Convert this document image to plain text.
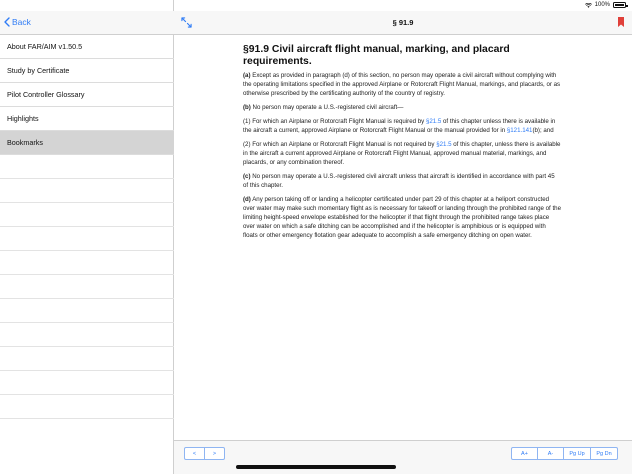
100%
Back
About FAR/AIM v1.50.5
Study by Certificate
Pilot Controller Glossary
Highlights
Bookmarks
§ 91.9
§91.9 Civil aircraft flight manual, marking, and placard requirements.

(a) Except as provided in paragraph (d) of this section, no person may operate a civil aircraft without complying with the operating limitations specified in the approved Airplane or Rotorcraft Flight Manual, markings, and placards, or as otherwise prescribed by the certificating authority of the country of registry.

(b) No person may operate a U.S.-registered civil aircraft—

(1) For which an Airplane or Rotorcraft Flight Manual is required by §21.5 of this chapter unless there is available in the aircraft a current, approved Airplane or Rotorcraft Flight Manual or the manual provided for in §121.141(b); and

(2) For which an Airplane or Rotorcraft Flight Manual is not required by §21.5 of this chapter, unless there is available in the aircraft a current approved Airplane or Rotorcraft Flight Manual, approved manual material, markings, and placards, or any combination thereof.

(c) No person may operate a U.S.-registered civil aircraft unless that aircraft is identified in accordance with part 45 of this chapter.

(d) Any person taking off or landing a helicopter certificated under part 29 of this chapter at a heliport constructed over water may make such momentary flight as is necessary for takeoff or landing through the prohibited range of the limiting height-speed envelope established for the helicopter if that flight through the prohibited range takes place over water on which a safe ditching can be accomplished and if the helicopter is amphibious or is equipped with floats or other emergency flotation gear adequate to accomplish a safe emergency ditching on open water.

<	>	A+	A-	Pg Up	Pg Dn
